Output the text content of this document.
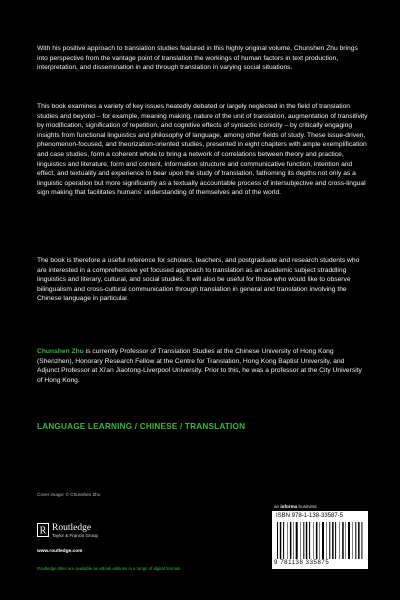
With his positive approach to translation studies featured in this highly original volume, Chunshen Zhu brings into perspective from the vantage point of translation the workings of human factors in text production, interpretation, and dissemination in and through translation in varying social situations.

This book examines a variety of key issues heatedly debated or largely neglected in the field of translation studies and beyond – for example, meaning making, nature of the unit of translation, augmentation of transitivity by modification, signification of repetition, and cognitive effects of syntactic iconicity – by critically engaging insights from functional linguistics and philosophy of language, among other fields of study. These issue-driven, phenomenon-focused, and theorization-oriented studies, presented in eight chapters with ample exemplification and case studies, form a coherent whole to bring a network of correlations between theory and practice, linguistics and literature, form and content, information structure and communicative function, intention and effect, and textuality and experience to bear upon the study of translation, fathoming its depths not only as a linguistic operation but more significantly as a textually accountable process of intersubjective and cross-lingual sign making that facilitates humans' understanding of themselves and of the world.

The book is therefore a useful reference for scholars, teachers, and postgraduate and research students who are interested in a comprehensive yet focused approach to translation as an academic subject straddling linguistics and literary, cultural, and social studies. It will also be useful for those who would like to observe bilingualism and cross-cultural communication through translation in general and translation involving the Chinese language in particular.

Chunshen Zhu is currently Professor of Translation Studies at the Chinese University of Hong Kong (Shenzhen), Honorary Research Fellow at the Centre for Translation, Hong Kong Baptist University, and Adjunct Professor at Xi'an Jiaotong-Liverpool University. Prior to this, he was a professor at the City University of Hong Kong.

LANGUAGE LEARNING / CHINESE / TRANSLATION
Cover image: © Chunshen Zhu
R Routledge
Taylor & Francis Group
www.routledge.com
Routledge titles are available as eBook editions in a range of digital formats
an informa business
ISBN 978-1-138-33587-5
9 781138 335875
